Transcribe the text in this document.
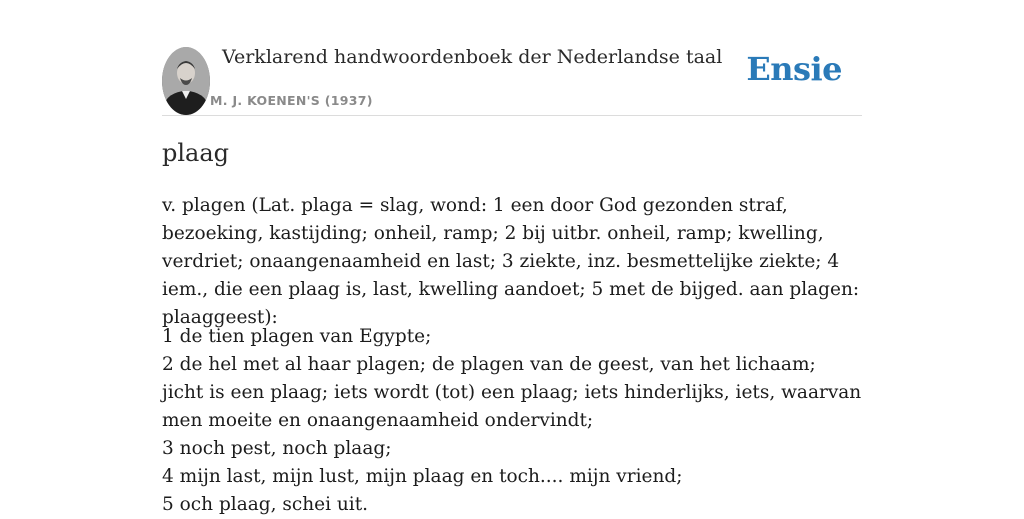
Verklarend handwoordenboek der Nederlandse taal
M. J. KOENEN'S (1937)
Ensie
plaag

v. plagen (Lat. plaga = slag, wond: 1 een door God gezonden straf, bezoeking, kastijding; onheil, ramp; 2 bij uitbr. onheil, ramp; kwelling, verdriet; onaangenaamheid en last; 3 ziekte, inz. besmettelijke ziekte; 4 iem., die een plaag is, last, kwelling aandoet; 5 met de bijged. aan plagen: plaaggeest):

1 de tien plagen van Egypte;
2 de hel met al haar plagen; de plagen van de geest, van het lichaam; jicht is een plaag; iets wordt (tot) een plaag; iets hinderlijks, iets, waarvan men moeite en onaangenaamheid ondervindt;
3 noch pest, noch plaag;
4 mijn last, mijn lust, mijn plaag en toch.... mijn vriend;
5 och plaag, schei uit.
